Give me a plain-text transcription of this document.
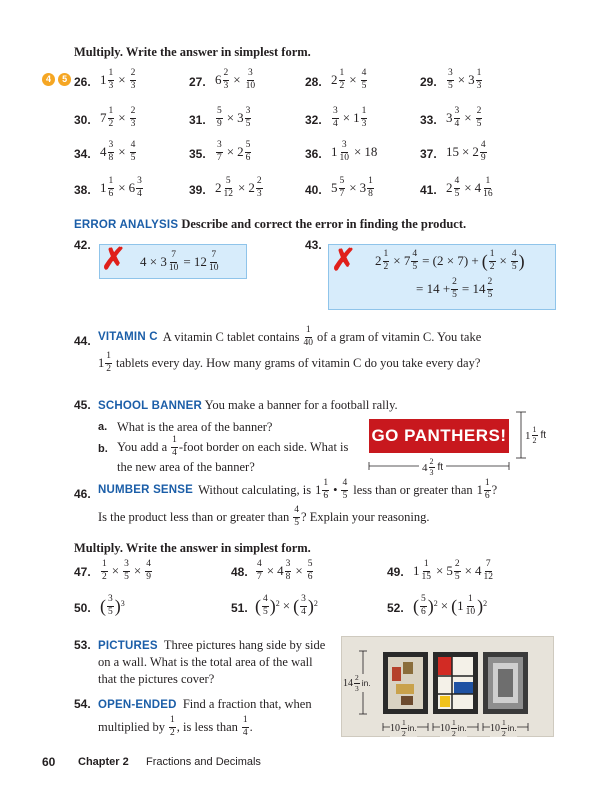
Multiply. Write the answer in simplest form.
4 5 26. $1 \frac{1}{3} \times \frac{2}{3}$	27. $6 \frac{2}{3} \times \frac{3}{10}$	28. $2 \frac{1}{2} \times \frac{4}{5}$	29. $\frac{3}{5} \times 3 \frac{1}{3}$
30. $7 \frac{1}{2} \times \frac{2}{3}$	31. $\frac{5}{9} \times 3 \frac{3}{5}$	32. $\frac{3}{4} \times 1 \frac{1}{3}$	33. $3 \frac{3}{4} \times \frac{2}{5}$
34. $4 \frac{3}{8} \times \frac{4}{5}$	35. $\frac{3}{7} \times 2 \frac{5}{6}$	36. $1 \frac{3}{10} \times 18$	37. $15 \times 2 \frac{4}{9}$
38. $1 \frac{1}{6} \times 6 \frac{3}{4}$	39. $2 \frac{5}{12} \times 2 \frac{2}{3}$	40. $5 \frac{5}{7} \times 3 \frac{1}{8}$	41. $2 \frac{4}{5} \times 4 \frac{1}{16}$
ERROR ANALYSIS Describe and correct the error in finding the product.
42. ✗ $4 \times 3 \frac{7}{10} = 12 \frac{7}{10}$
43. ✗ $2 \frac{1}{2} \times 7 \frac{4}{5} = (2 \times 7)$ + ( $\frac{1}{2} \times \frac{4}{5}$ )
= $14 + \frac{2}{5} = 14 \frac{2}{5}$
44. VITAMIN C A vitamin C tablet contains $\frac{1}{40}$ of a gram of vitamin C. You take
$1 \frac{1}{2}$ tablets every day. How many grams of vitamin C do you take every day?
45. SCHOOL BANNER You make a banner for a football rally.
a. What is the area of the banner?
b. You add a $\frac{1}{4}$ -foot border on each side. What is
the new area of the banner?
GO PANTHERS! $1 \frac{1}{2}$ ft
$4 \frac{2}{3}$ ft
46. NUMBER SENSE Without calculating, is $1 \frac{1}{6}$ • $\frac{4}{5}$ less than or greater than $1 \frac{1}{6}$ ?
Is the product less than or greater than $\frac{4}{5}$ ? Explain your reasoning.
Multiply. Write the answer in simplest form.
47. $\frac{1}{2} \times \frac{3}{5} \times \frac{4}{9}$	48. $\frac{4}{7} \times 4 \frac{3}{8} \times \frac{5}{6}$	49. $1 \frac{1}{15} \times 5 \frac{2}{5} \times 4 \frac{7}{12}$
50. ( $\frac{3}{5} )^3$	51. ( $\frac{4}{5} )^2$ × ( $\frac{3}{4} )^2$	52. ( $\frac{5}{6} )^2$ × ( $1 \frac{1}{10} )^2$
53. PICTURES Three pictures hang side by side
on a wall. What is the total area of the wall
that the pictures cover?
54. OPEN-ENDED Find a fraction that, when
multiplied by $\frac{1}{2}$ , is less than $\frac{1}{4}$ .
$14 \frac{2}{3}$ in.
$10 \frac{1}{2}$ in. $10 \frac{1}{2}$ in. $10 \frac{1}{2}$ in.
60 Chapter 2 Fractions and Decimals
